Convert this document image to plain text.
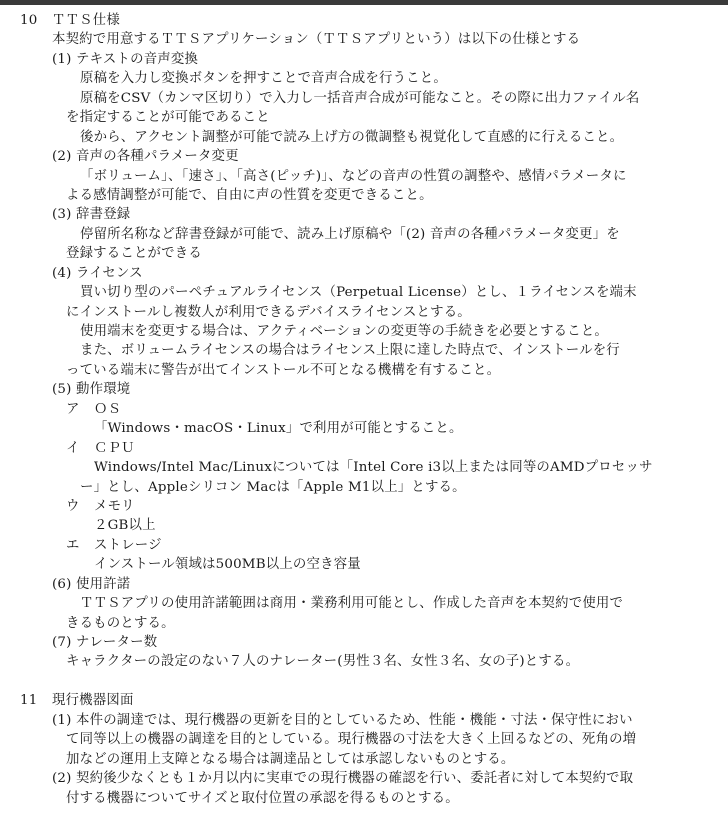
10 ＴＴＳ仕様
本契約で用意するＴＴＳアプリケーション（ＴＴＳアプリという）は以下の仕様とする
(1) テキストの音声変換
原稿を入力し変換ボタンを押すことで音声合成を行うこと。
原稿をCSV（カンマ区切り）で入力し一括音声合成が可能なこと。その際に出力ファイル名
を指定することが可能であること
後から、アクセント調整が可能で読み上げ方の微調整も視覚化して直感的に行えること。
(2) 音声の各種パラメータ変更
「ボリューム」、「速さ」、「高さ(ピッチ)」、などの音声の性質の調整や、感情パラメータに
よる感情調整が可能で、自由に声の性質を変更できること。
(3) 辞書登録
停留所名称など辞書登録が可能で、読み上げ原稿や「(2) 音声の各種パラメータ変更」を
登録することができる
(4) ライセンス
買い切り型のパーペチュアルライセンス（Perpetual License）とし、１ライセンスを端末
にインストールし複数人が利用できるデバイスライセンスとする。
使用端末を変更する場合は、アクティベーションの変更等の手続きを必要とすること。
また、ボリュームライセンスの場合はライセンス上限に達した時点で、インストールを行
っている端末に警告が出てインストール不可となる機構を有すること。
(5) 動作環境
ア ＯＳ
「Windows・macOS・Linux」で利用が可能とすること。
イ ＣＰＵ
Windows/Intel Mac/Linuxについては「Intel Core i3以上または同等のAMDプロセッサ
ー」とし、Appleシリコン Macは「Apple M1以上」とする。
ウ メモリ
２GB以上
エ ストレージ
インストール領域は500MB以上の空き容量
(6) 使用許諾
ＴＴＳアプリの使用許諾範囲は商用・業務利用可能とし、作成した音声を本契約で使用で
きるものとする。
(7) ナレーター数
キャラクターの設定のない７人のナレーター(男性３名、女性３名、女の子)とする。
11 現行機器図面
(1) 本件の調達では、現行機器の更新を目的としているため、性能・機能・寸法・保守性におい
て同等以上の機器の調達を目的としている。現行機器の寸法を大きく上回るなどの、死角の増
加などの運用上支障となる場合は調達品としては承認しないものとする。
(2) 契約後少なくとも１か月以内に実車での現行機器の確認を行い、委託者に対して本契約で取
付する機器についてサイズと取付位置の承認を得るものとする。
